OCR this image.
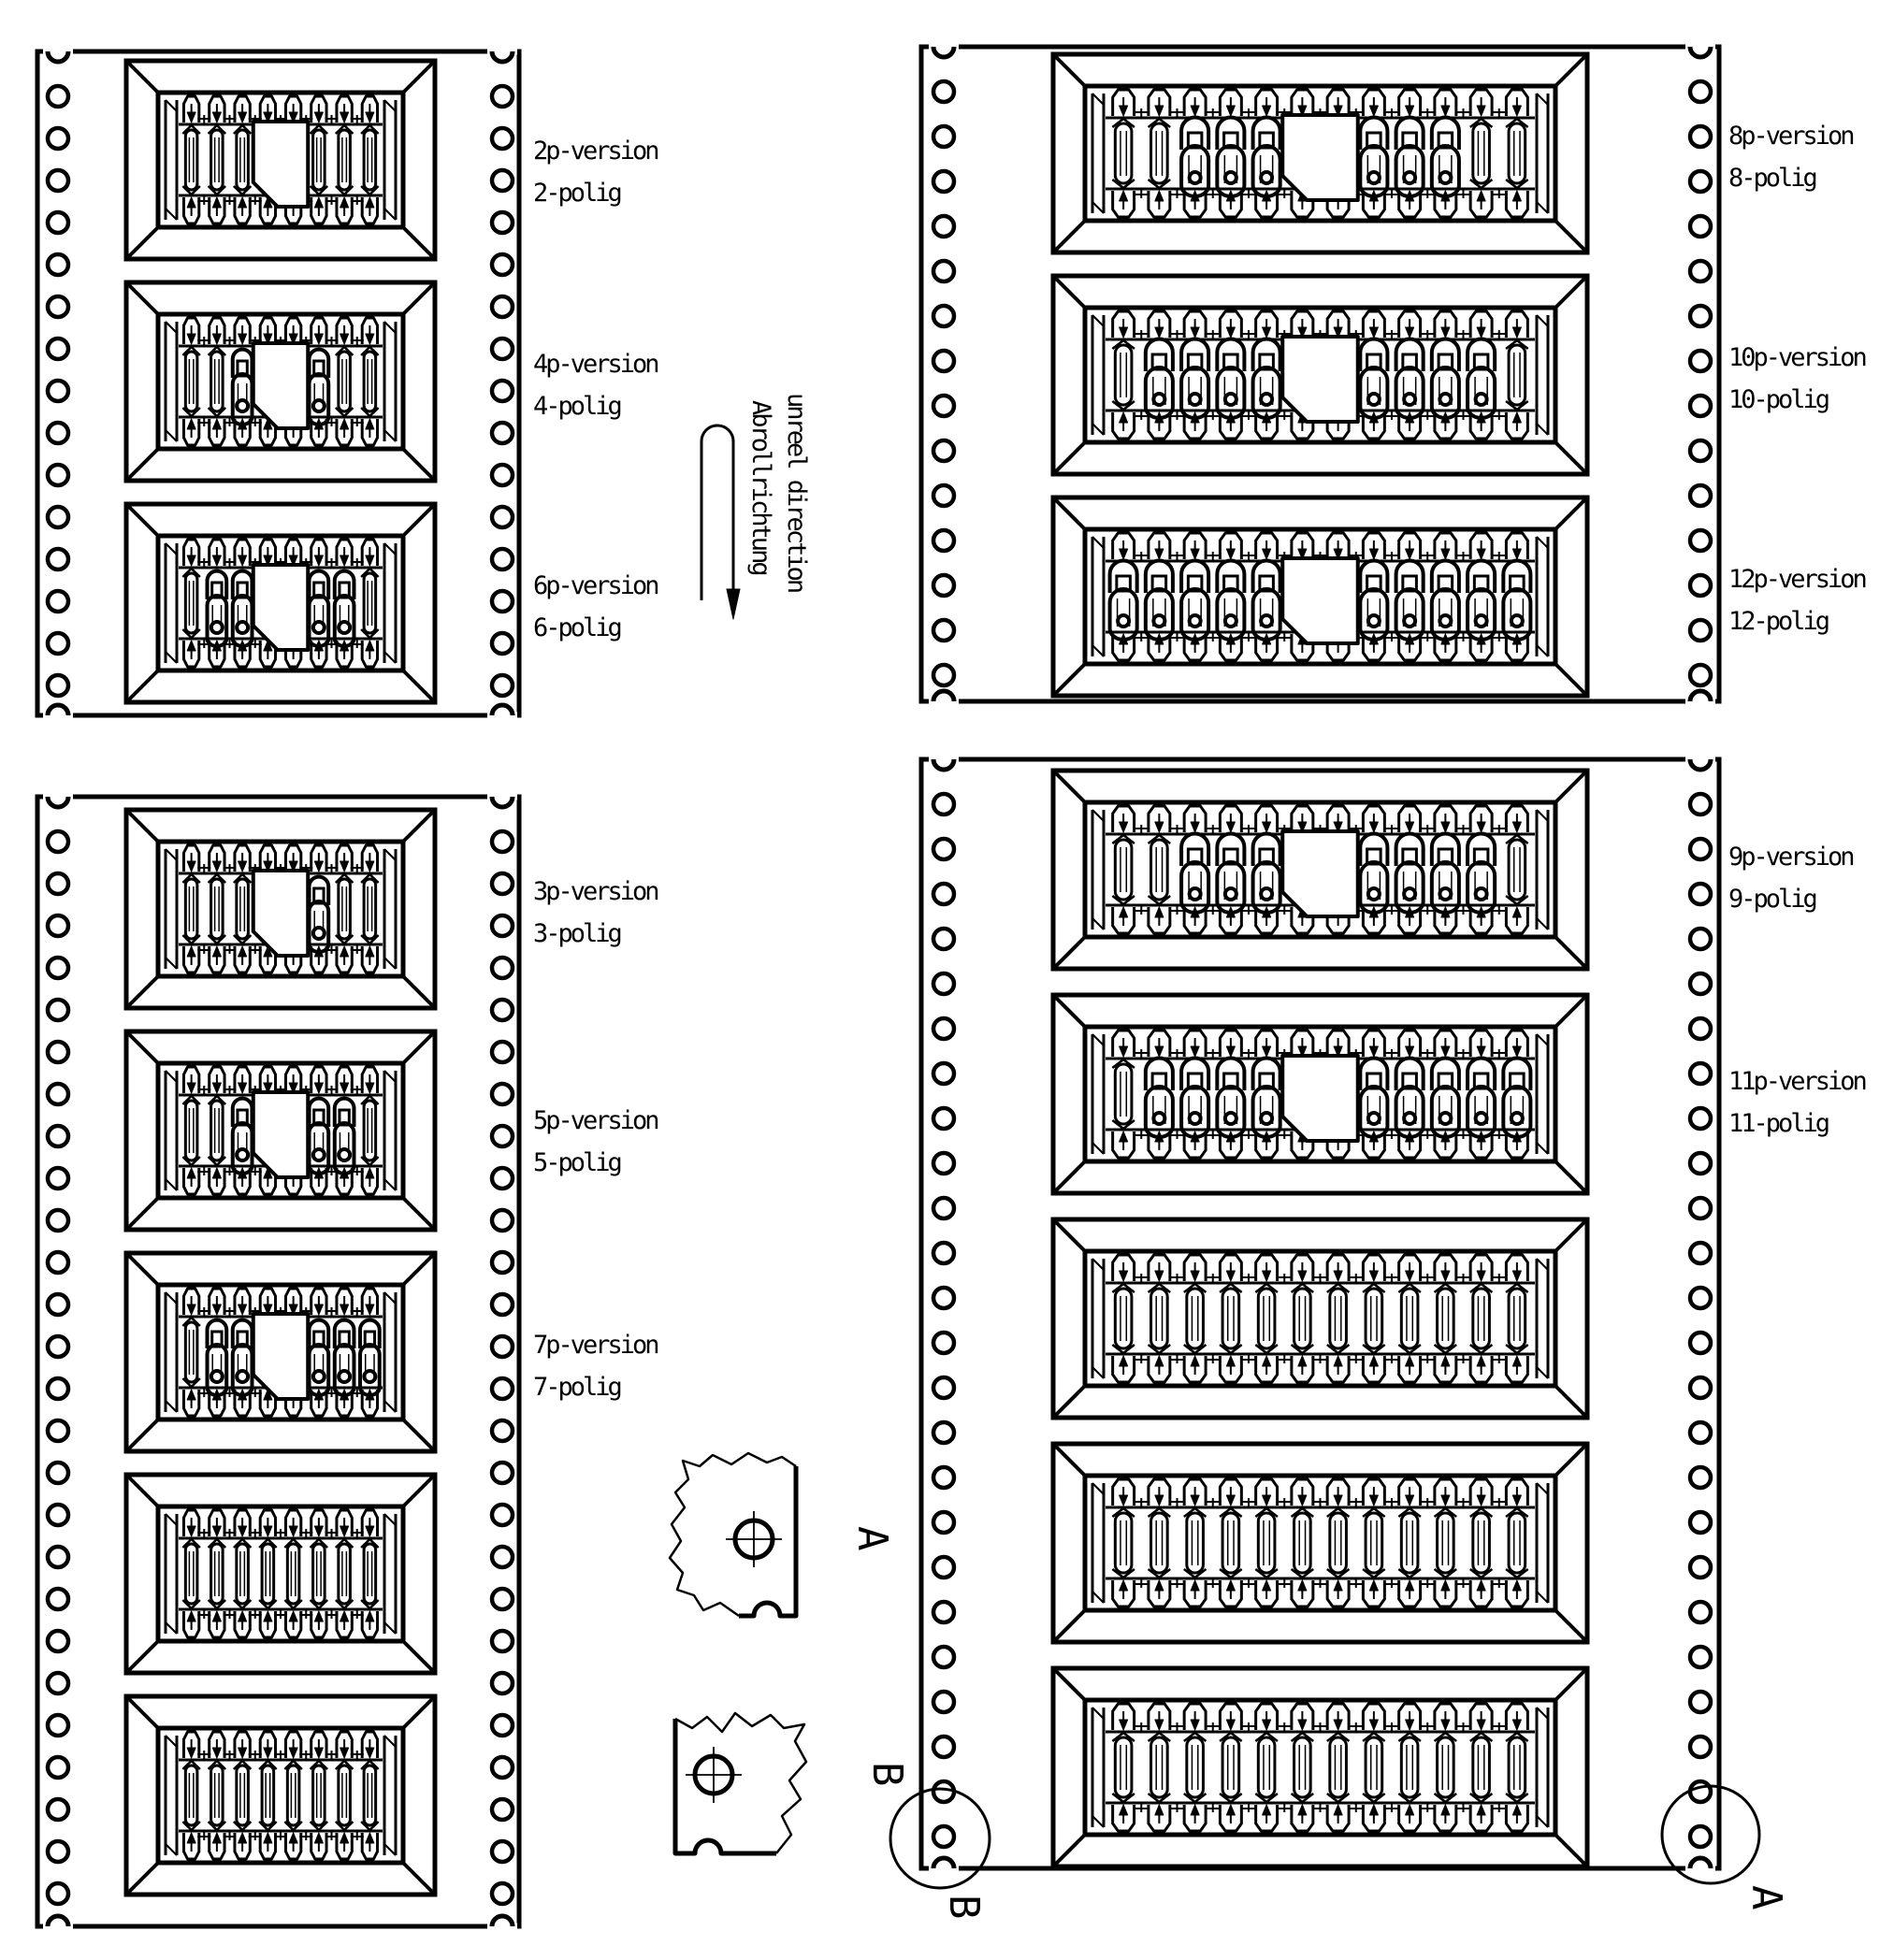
2p-version
2-polig
4p-version
4-polig
6p-version
6-polig
8p-version
8-polig
10p-version
10-polig
12p-version
12-polig
3p-version
3-polig
5p-version
5-polig
7p-version
7-polig
9p-version
9-polig
11p-version
11-polig
unreel direction
Abrollrichtung
A
B
B	A
